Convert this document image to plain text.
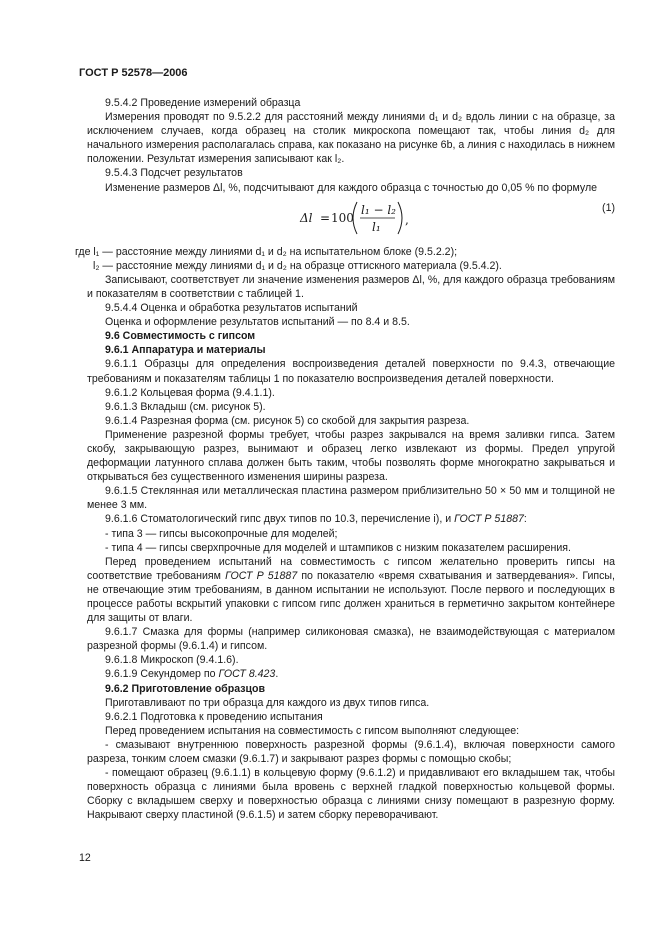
ГОСТ Р 52578—2006

9.5.4.2 Проведение измерений образца

Измерения проводят по 9.5.2.2 для расстояний между линиями d₁ и d₂ вдоль линии c на образце, за исключением случаев, когда образец на столик микроскопа помещают так, чтобы линия d₂ для начального измерения располагалась справа, как показано на рисунке 6b, а линия c находилась в нижнем положении. Результат измерения записывают как l₂.

9.5.4.3 Подсчет результатов

Изменение размеров Δl, %, подсчитывают для каждого образца с точностью до 0,05 % по формуле

Δl = 100
l₁ − l₂
l₁ ,
(1)

где l₁ — расстояние между линиями d₁ и d₂ на испытательном блоке (9.5.2.2);

l₂ — расстояние между линиями d₁ и d₂ на образце оттискного материала (9.5.4.2).

Записывают, соответствует ли значение изменения размеров Δl, %, для каждого образца требованиям и показателям в соответствии с таблицей 1.

9.5.4.4 Оценка и обработка результатов испытаний

Оценка и оформление результатов испытаний — по 8.4 и 8.5.

9.6 Совместимость с гипсом

9.6.1 Аппаратура и материалы

9.6.1.1 Образцы для определения воспроизведения деталей поверхности по 9.4.3, отвечающие требованиям и показателям таблицы 1 по показателю воспроизведения деталей поверхности.

9.6.1.2 Кольцевая форма (9.4.1.1).

9.6.1.3 Вкладыш (см. рисунок 5).

9.6.1.4 Разрезная форма (см. рисунок 5) со скобой для закрытия разреза.

Применение разрезной формы требует, чтобы разрез закрывался на время заливки гипса. Затем скобу, закрывающую разрез, вынимают и образец легко извлекают из формы. Предел упругой деформации латунного сплава должен быть таким, чтобы позволять форме многократно закрываться и открываться без существенного изменения ширины разреза.

9.6.1.5 Стеклянная или металлическая пластина размером приблизительно 50 × 50 мм и толщиной не менее 3 мм.

9.6.1.6 Стоматологический гипс двух типов по 10.3, перечисление i), и ГОСТ Р 51887:

- типа 3 — гипсы высокопрочные для моделей;

- типа 4 — гипсы сверхпрочные для моделей и штампиков с низким показателем расширения.

Перед проведением испытаний на совместимость с гипсом желательно проверить гипсы на соответствие требованиям ГОСТ Р 51887 по показателю «время схватывания и затвердевания». Гипсы, не отвечающие этим требованиям, в данном испытании не используют. После первого и последующих в процессе работы вскрытий упаковки с гипсом гипс должен храниться в герметично закрытом контейнере для защиты от влаги.

9.6.1.7 Смазка для формы (например силиконовая смазка), не взаимодействующая с материалом разрезной формы (9.6.1.4) и гипсом.

9.6.1.8 Микроскоп (9.4.1.6).

9.6.1.9 Секундомер по ГОСТ 8.423.

9.6.2 Приготовление образцов

Приготавливают по три образца для каждого из двух типов гипса.

9.6.2.1 Подготовка к проведению испытания

Перед проведением испытания на совместимость с гипсом выполняют следующее:

- смазывают внутреннюю поверхность разрезной формы (9.6.1.4), включая поверхности самого разреза, тонким слоем смазки (9.6.1.7) и закрывают разрез формы с помощью скобы;

- помещают образец (9.6.1.1) в кольцевую форму (9.6.1.2) и придавливают его вкладышем так, чтобы поверхность образца с линиями была вровень с верхней гладкой поверхностью кольцевой формы. Сборку с вкладышем сверху и поверхностью образца с линиями снизу помещают в разрезную форму. Накрывают сверху пластиной (9.6.1.5) и затем сборку переворачивают.

12
